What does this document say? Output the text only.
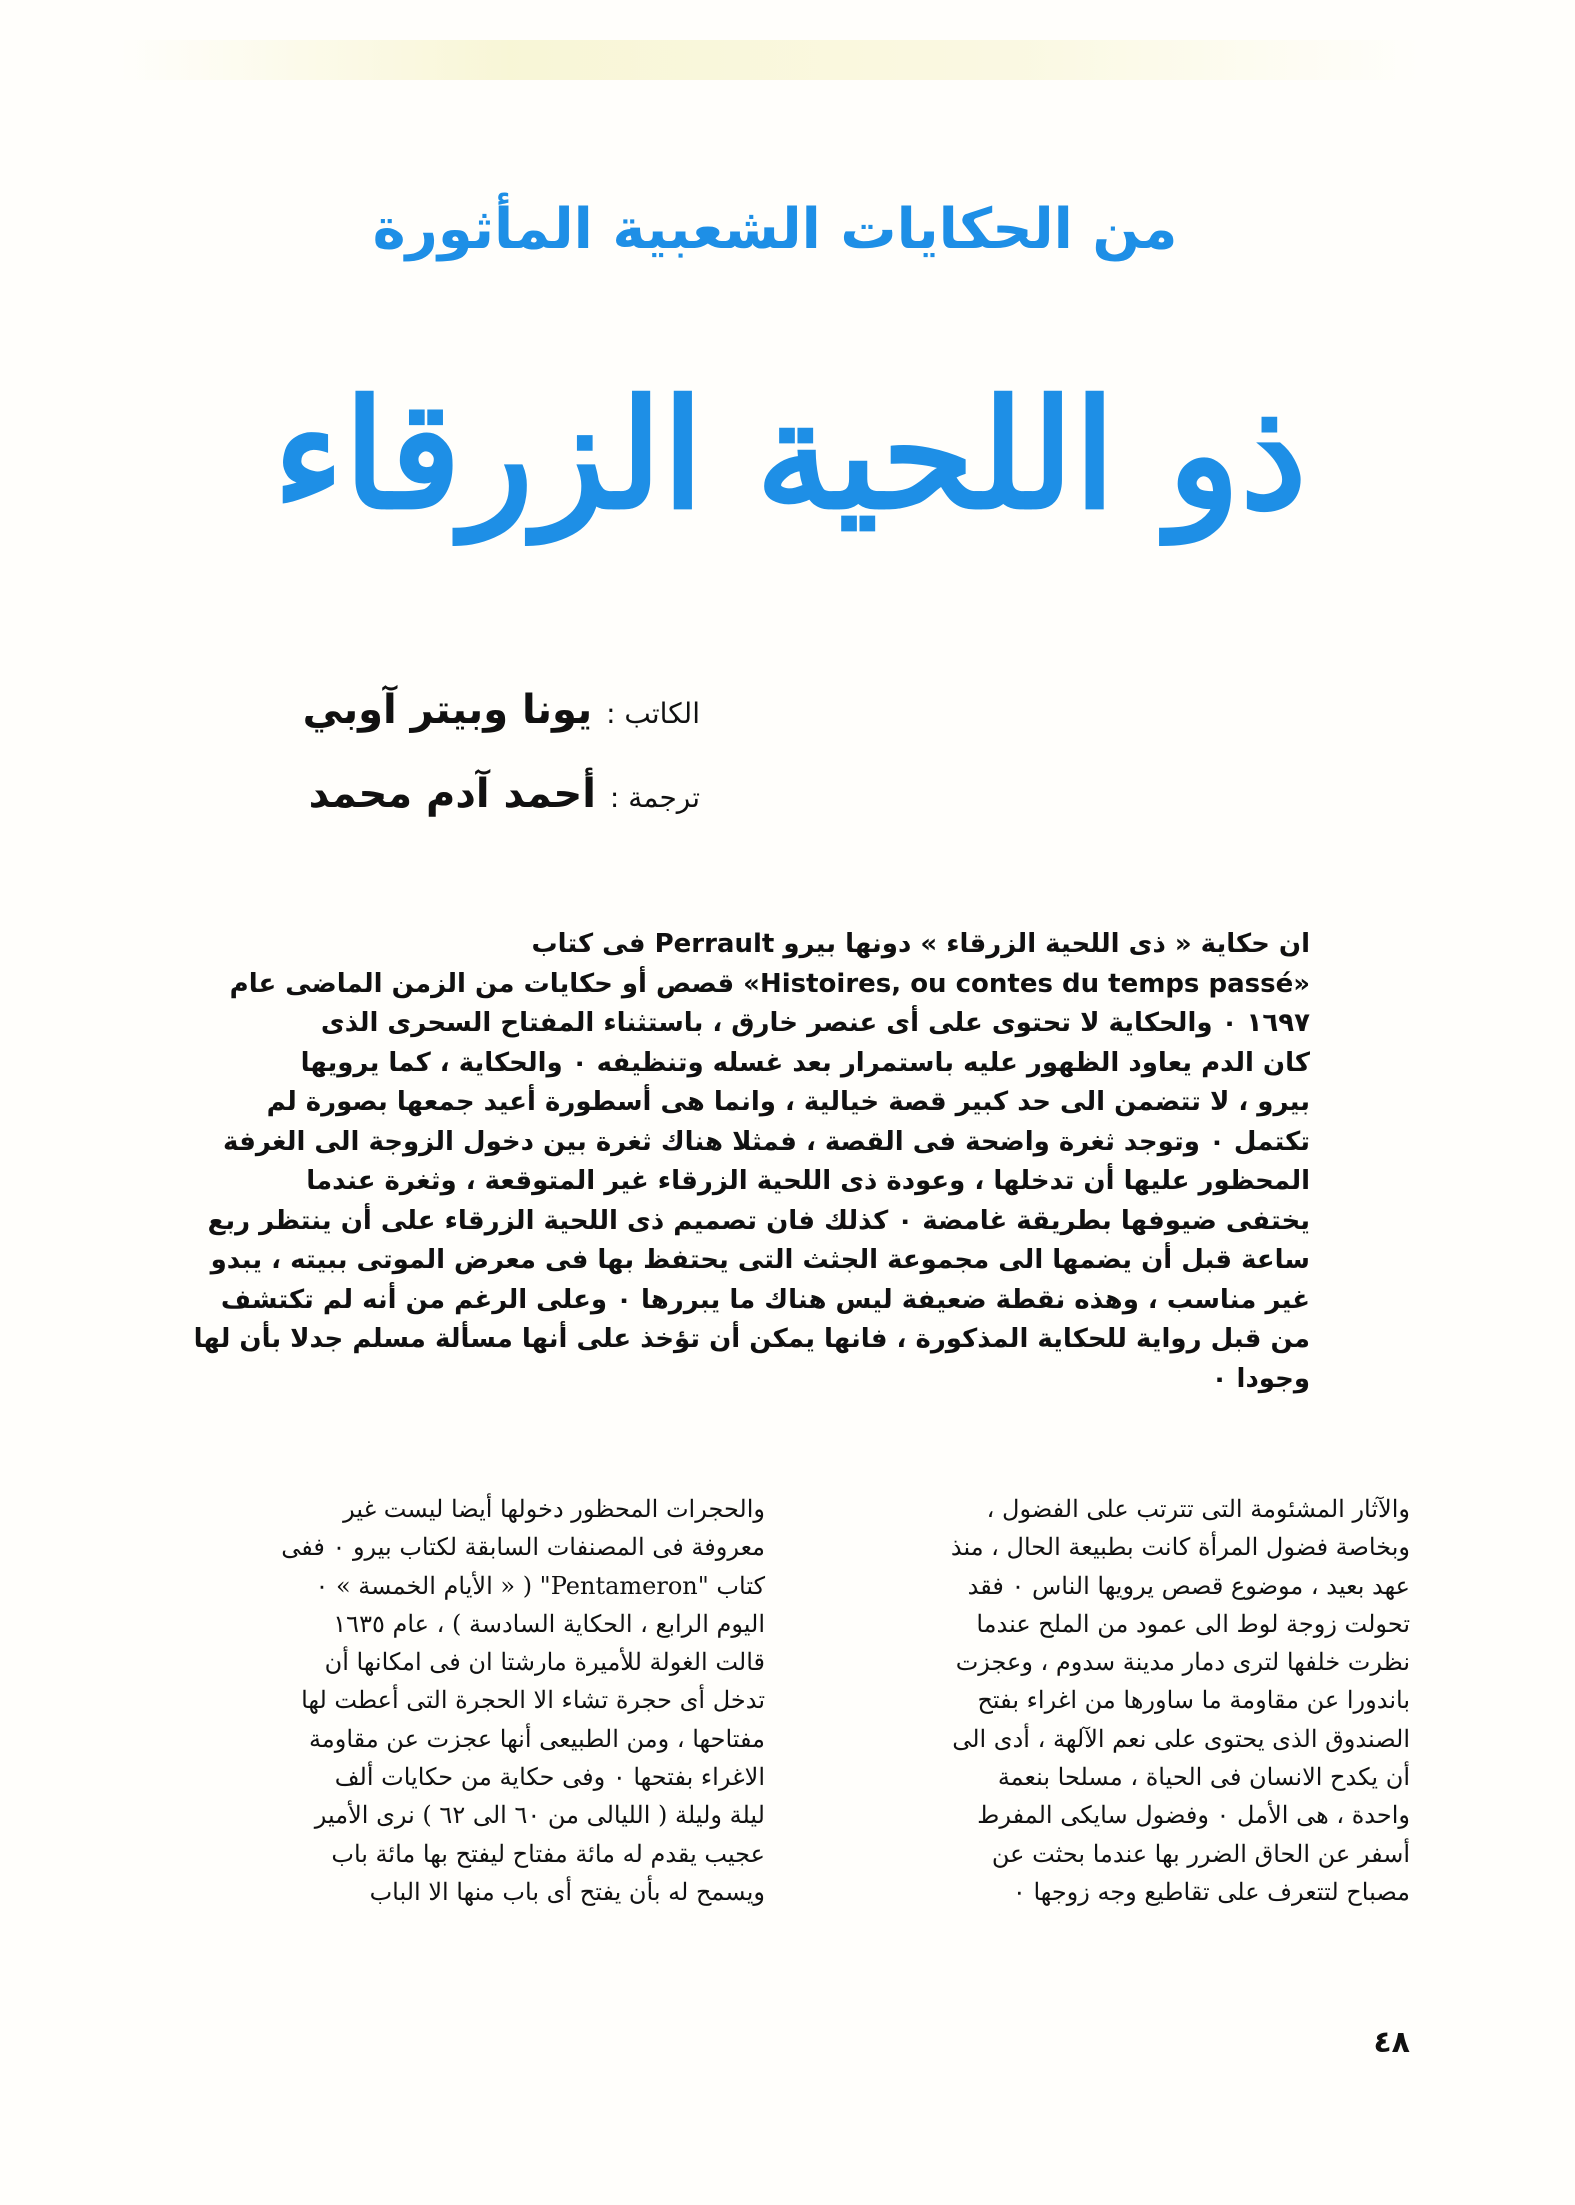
من الحكايات الشعبية المأثورة
ذو اللحية الزرقاء
الكاتب : يونا وبيتر آوبي
ترجمة : أحمد آدم محمد
ان حكاية « ذى اللحية الزرقاء » دونها بيرو Perrault فى كتاب
«Histoires, ou contes du temps passé» قصص أو حكايات من الزمن الماضى عام
١٦٩٧ ٠ والحكاية لا تحتوى على أى عنصر خارق ، باستثناء المفتاح السحرى الذى
كان الدم يعاود الظهور عليه باستمرار بعد غسله وتنظيفه ٠ والحكاية ، كما يرويها
بيرو ، لا تتضمن الى حد كبير قصة خيالية ، وانما هى أسطورة أعيد جمعها بصورة لم
تكتمل ٠ وتوجد ثغرة واضحة فى القصة ، فمثلا هناك ثغرة بين دخول الزوجة الى الغرفة
المحظور عليها أن تدخلها ، وعودة ذى اللحية الزرقاء غير المتوقعة ، وثغرة عندما
يختفى ضيوفها بطريقة غامضة ٠ كذلك فان تصميم ذى اللحية الزرقاء على أن ينتظر ربع
ساعة قبل أن يضمها الى مجموعة الجثث التى يحتفظ بها فى معرض الموتى ببيته ، يبدو
غير مناسب ، وهذه نقطة ضعيفة ليس هناك ما يبررها ٠ وعلى الرغم من أنه لم تكتشف
من قبل رواية للحكاية المذكورة ، فانها يمكن أن تؤخذ على أنها مسألة مسلم جدلا بأن لها
وجودا ٠
والآثار المشئومة التى تترتب على الفضول ،
وبخاصة فضول المرأة كانت بطبيعة الحال ، منذ
عهد بعيد ، موضوع قصص يرويها الناس ٠ فقد
تحولت زوجة لوط الى عمود من الملح عندما
نظرت خلفها لترى دمار مدينة سدوم ، وعجزت
باندورا عن مقاومة ما ساورها من اغراء بفتح
الصندوق الذى يحتوى على نعم الآلهة ، أدى الى
أن يكدح الانسان فى الحياة ، مسلحا بنعمة
واحدة ، هى الأمل ٠ وفضول سايكى المفرط
أسفر عن الحاق الضرر بها عندما بحثت عن
مصباح لتتعرف على تقاطيع وجه زوجها ٠
والحجرات المحظور دخولها أيضا ليست غير
معروفة فى المصنفات السابقة لكتاب بيرو ٠ ففى
كتاب "Pentameron" ( « الأيام الخمسة » ٠
اليوم الرابع ، الحكاية السادسة ) ، عام ١٦٣٥
قالت الغولة للأميرة مارشتا ان فى امكانها أن
تدخل أى حجرة تشاء الا الحجرة التى أعطت لها
مفتاحها ، ومن الطبيعى أنها عجزت عن مقاومة
الاغراء بفتحها ٠ وفى حكاية من حكايات ألف
ليلة وليلة ( الليالى من ٦٠ الى ٦٢ ) نرى الأمير
عجيب يقدم له مائة مفتاح ليفتح بها مائة باب
ويسمح له بأن يفتح أى باب منها الا الباب
٤٨
